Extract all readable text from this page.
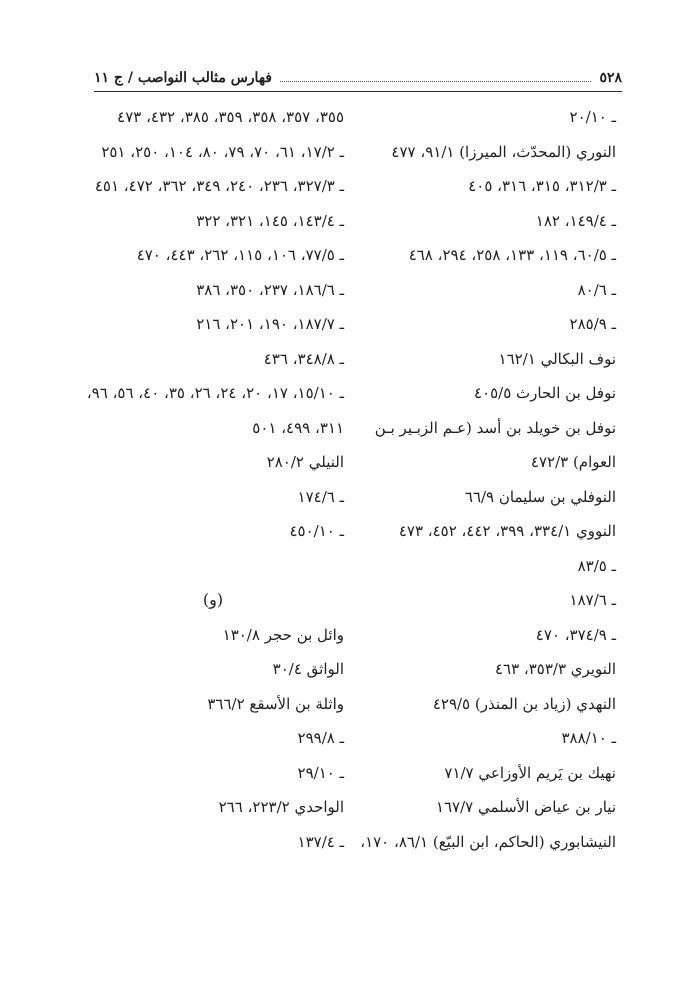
٥٢٨
فهارس مثالب النواصب / ج ١١
ـ ٢٠/١٠
النوري (المحدّث، الميرزا) ٩١/١، ٤٧٧
ـ ٣١٢/٣، ٣١٥، ٣١٦، ٤٠٥
ـ ١٤٩/٤، ١٨٢
ـ ٦٠/٥، ١١٩، ١٣٣، ٢٥٨، ٢٩٤، ٤٦٨
ـ ٨٠/٦
ـ ٢٨٥/٩
نوف البكالي ١٦٢/١
نوفل بن الحارث ٤٠٥/٥
نوفل بن خويلد بن أسد (عـم الزبـير بـن
العوام) ٤٧٢/٣
النوفلي بن سليمان ٦٦/٩
النووي ٣٣٤/١، ٣٩٩، ٤٤٢، ٤٥٢، ٤٧٣
ـ ٨٣/٥
ـ ١٨٧/٦
ـ ٣٧٤/٩، ٤٧٠
النويري ٣٥٣/٣، ٤٦٣
النهدي (زياد بن المنذر) ٤٢٩/٥
ـ ٣٨٨/١٠
نهيك بن يَريم الأوزاعي ٧١/٧
نيار بن عياض الأسلمي ١٦٧/٧
النيشابوري (الحاكم، ابن البيّع) ٨٦/١، ١٧٠،
٣٥٥، ٣٥٧، ٣٥٨، ٣٥٩، ٣٨٥، ٤٣٢، ٤٧٣
ـ ١٧/٢، ٦١، ٧٠، ٧٩، ٨٠، ١٠٤، ٢٥٠، ٢٥١
ـ ٣٢٧/٣، ٢٣٦، ٢٤٠، ٣٤٩، ٣٦٢، ٤٧٢، ٤٥١
ـ ١٤٣/٤، ١٤٥، ٣٢١، ٣٢٢
ـ ٧٧/٥، ١٠٦، ١١٥، ٢٦٢، ٤٤٣، ٤٧٠
ـ ١٨٦/٦، ٢٣٧، ٣٥٠، ٣٨٦
ـ ١٨٧/٧، ١٩٠، ٢٠١، ٢١٦
ـ ٣٤٨/٨، ٤٣٦
ـ ١٥/١٠، ١٧، ٢٠، ٢٤، ٢٦، ٣٥، ٤٠، ٥٦، ٩٦،
٣١١، ٤٩٩، ٥٠١
النيلي ٢٨٠/٢
ـ ١٧٤/٦
ـ ٤٥٠/١٠
(و)
وائل بن حجر ١٣٠/٨
الواثق ٣٠/٤
واثلة بن الأسقع ٣٦٦/٢
ـ ٢٩٩/٨
ـ ٢٩/١٠
الواحدي ٢٢٣/٢، ٢٦٦
ـ ١٣٧/٤
